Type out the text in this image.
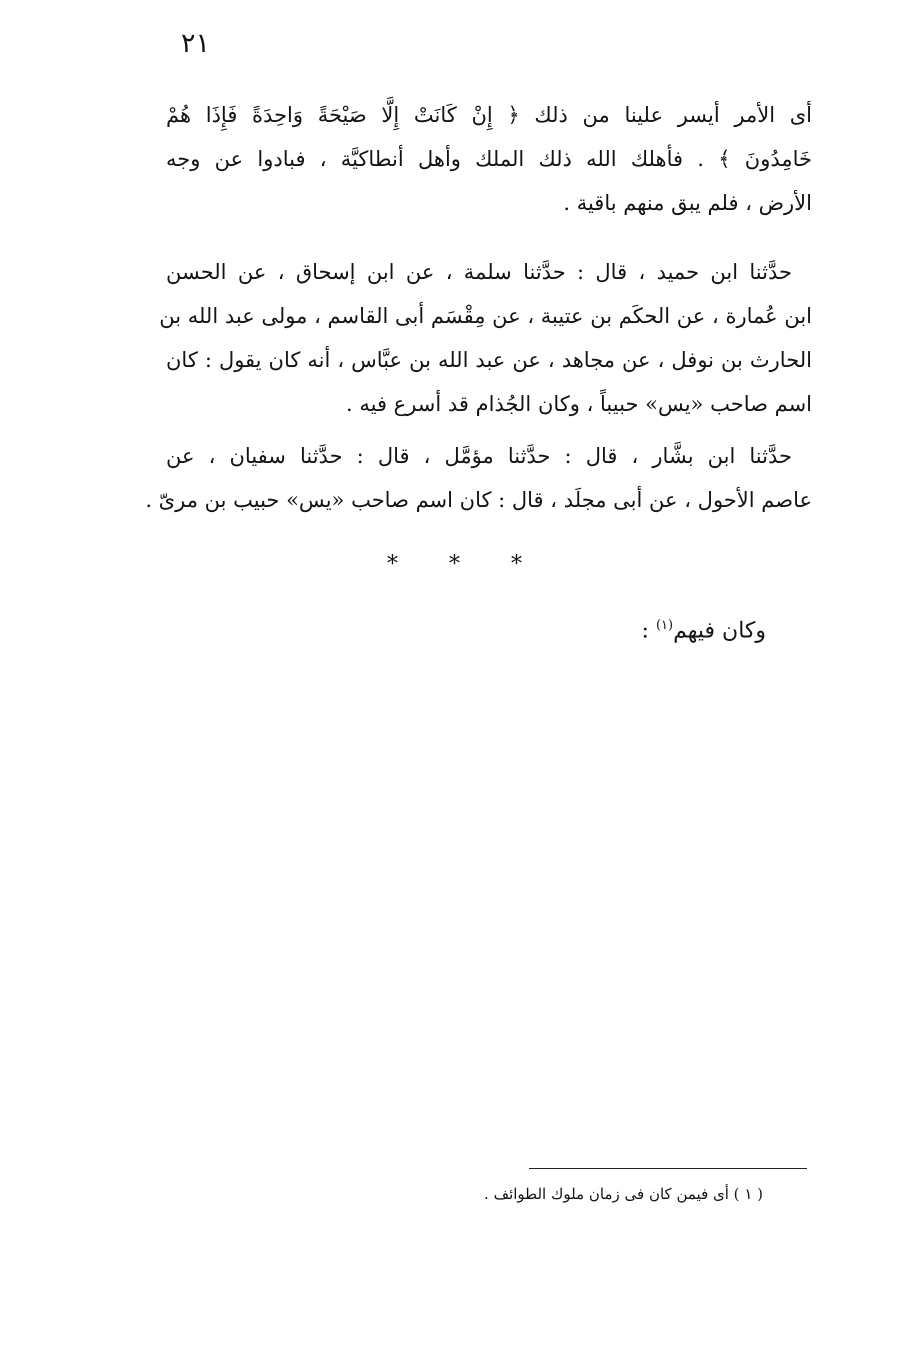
٢١

أى الأمر أيسر علينا من ذلك ﴿ إِنْ كَانَتْ إِلَّا صَيْحَةً وَاحِدَةً فَإِذَا هُمْ
خَامِدُونَ ﴾ . فأهلك الله ذلك الملك وأهل أنطاكيَّة ، فبادوا عن وجه
الأرض ، فلم يبق منهم باقية .

حدَّثنا ابن حميد ، قال : حدَّثنا سلمة ، عن ابن إسحاق ، عن الحسن
ابن عُمارة ، عن الحكَم بن عتيبة ، عن مِقْسَم أبى القاسم ، مولى عبد الله بن
الحارث بن نوفل ، عن مجاهد ، عن عبد الله بن عبَّاس ، أنه كان يقول : كان
اسم صاحب «يس» حبيباً ، وكان الجُذام قد أسرع فيه .

حدَّثنا ابن بشَّار ، قال : حدَّثنا مؤمَّل ، قال : حدَّثنا سفيان ، عن
عاصم الأحول ، عن أبى مجلَد ، قال : كان اسم صاحب «يس» حبيب بن مرىّ .

* * *
وكان فيهم$^{(١)}$ :
( ١ ) أى فيمن كان فى زمان ملوك الطوائف .
